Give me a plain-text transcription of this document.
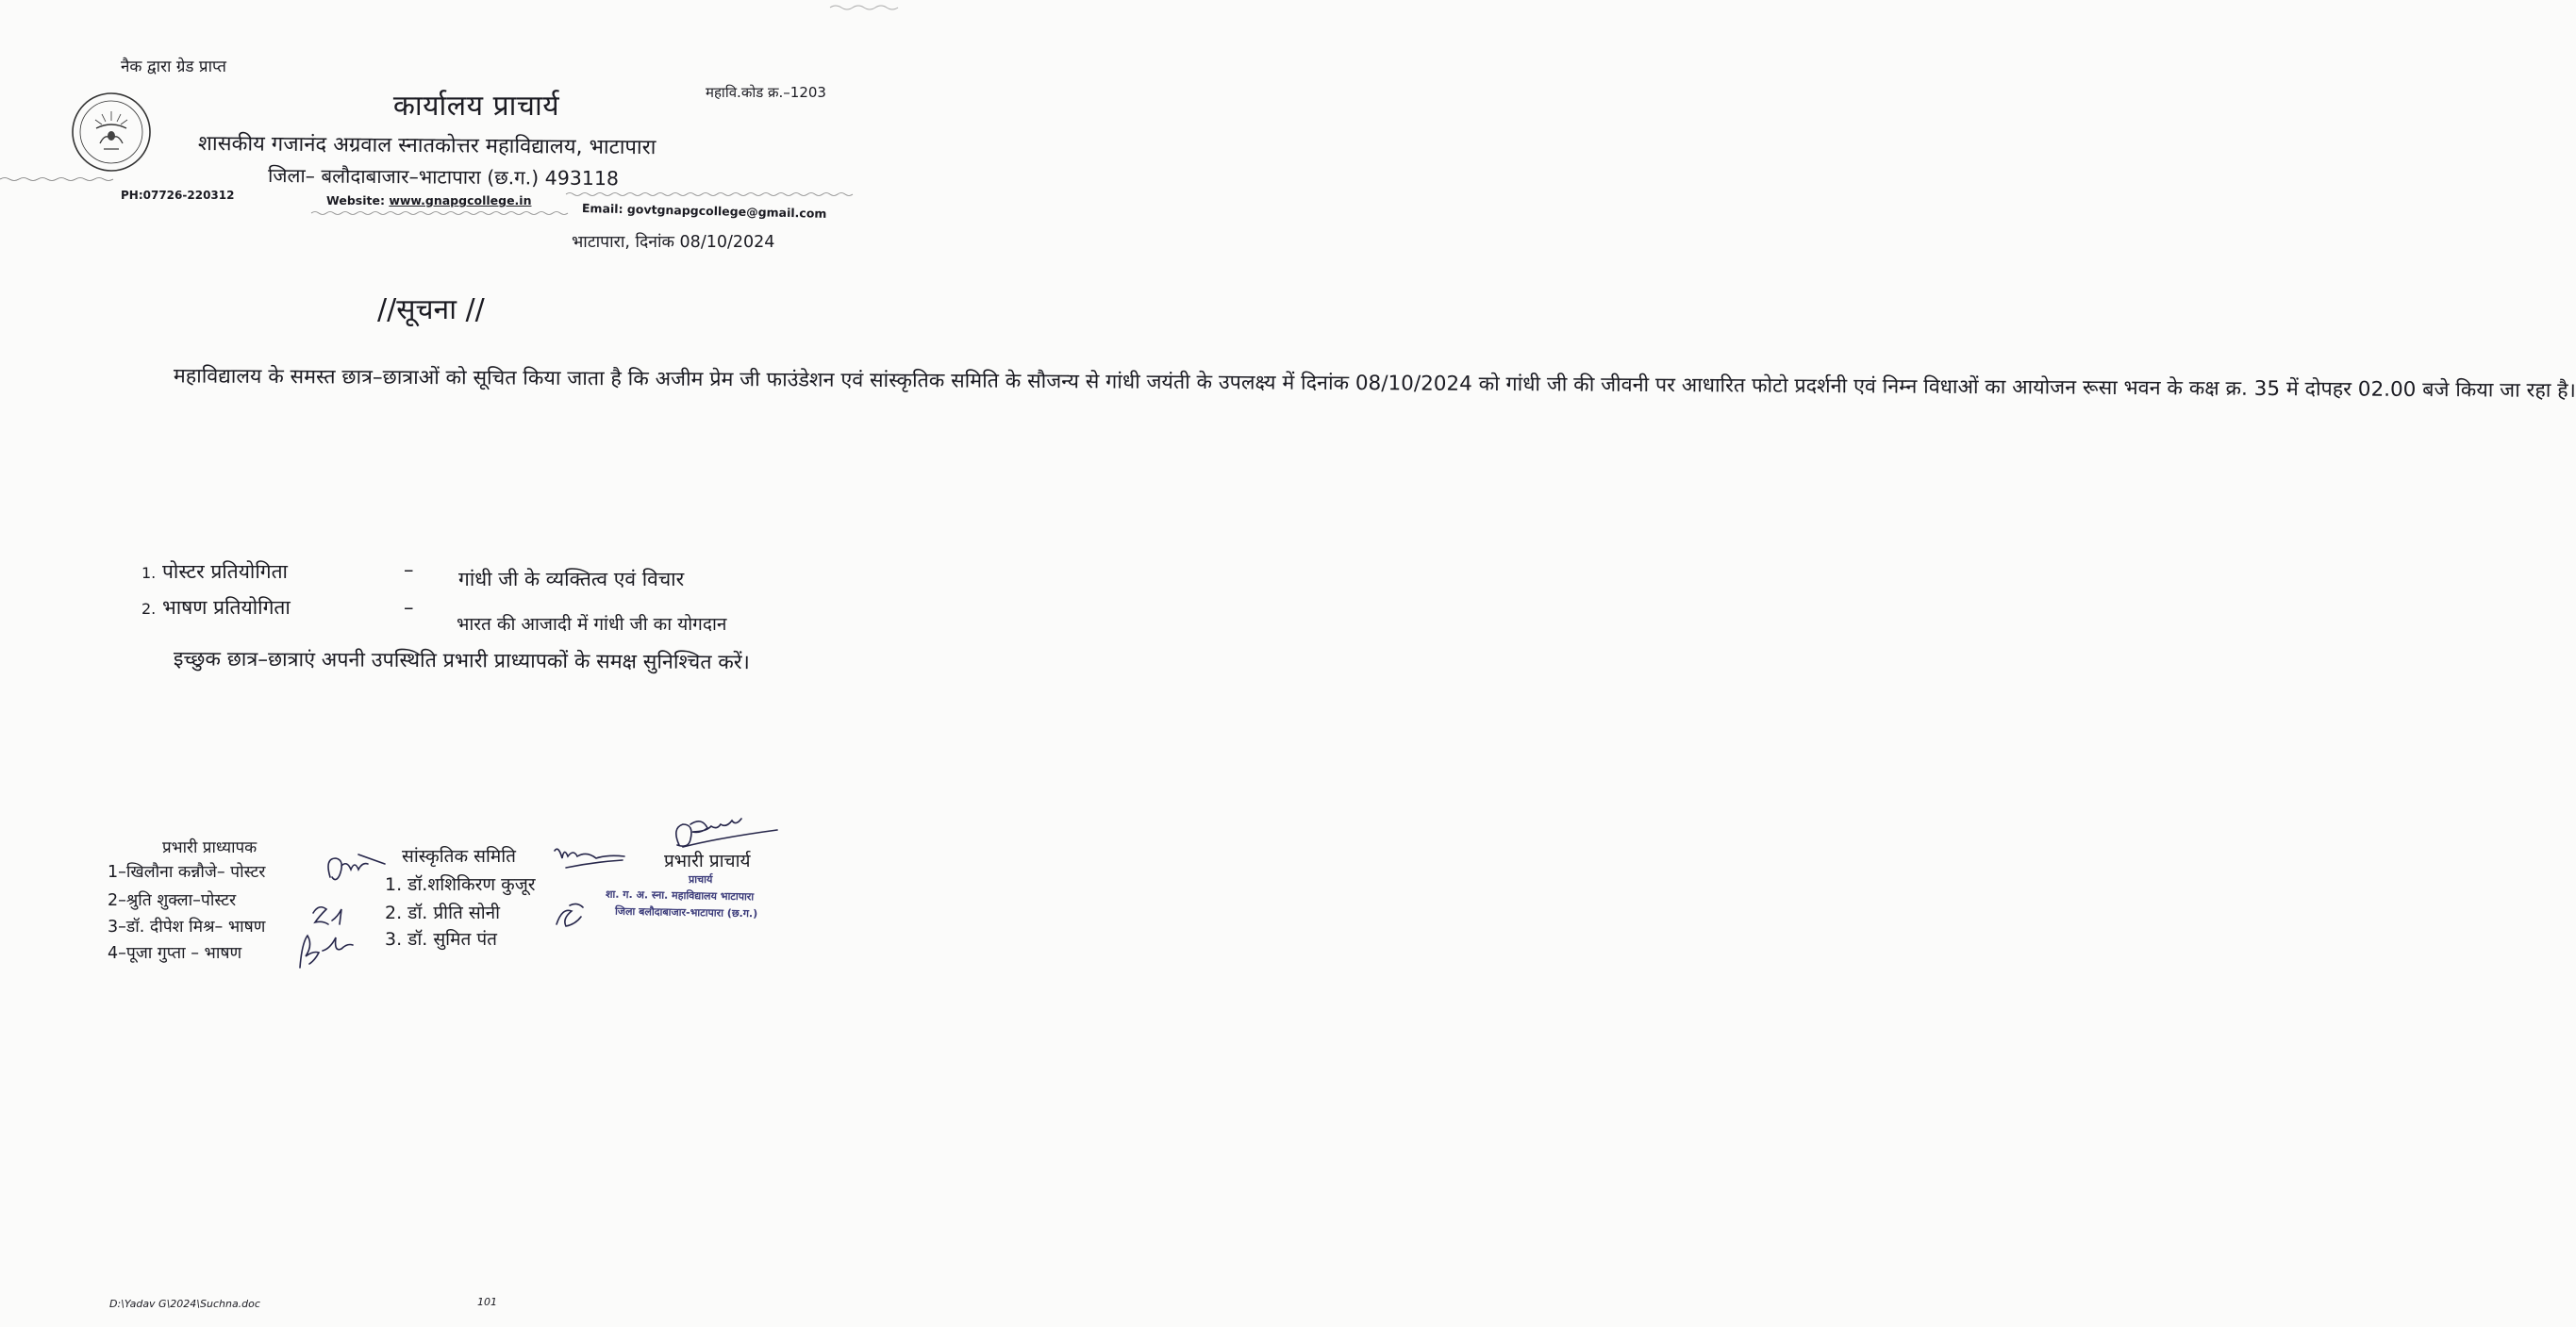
नैक द्वारा ग्रेड प्राप्त
महावि.कोड क्र.–1203
कार्यालय प्राचार्य
शासकीय गजानंद अग्रवाल स्नातकोत्तर महाविद्यालय, भाटापारा
जिला– बलौदाबाजार–भाटापारा (छ.ग.) 493118
PH:07726-220312	Website: www.gnapgcollege.in
Email: govtgnapgcollege@gmail.com
भाटापारा, दिनांक 08/10/2024
//सूचना //

महाविद्यालय के समस्त छात्र–छात्राओं को सूचित किया जाता है कि अजीम प्रेम जी फाउंडेशन एवं सांस्कृतिक समिति के सौजन्य से गांधी जयंती के उपलक्ष्य में दिनांक 08/10/2024 को गांधी जी की जीवनी पर आधारित फोटो प्रदर्शनी एवं निम्न विधाओं का आयोजन रूसा भवन के कक्ष क्र. 35 में दोपहर 02.00 बजे किया जा रहा है।

1. पोस्टर प्रतियोगिता	– गांधी जी के व्यक्तित्व एवं विचार
2. भाषण प्रतियोगिता	–
भारत की आजादी में गांधी जी का योगदान

इच्छुक छात्र–छात्राएं अपनी उपस्थिति प्रभारी प्राध्यापकों के समक्ष सुनिश्चित करें।

प्रभारी प्राध्यापक
1–खिलौना कन्नौजे– पोस्टर
2–श्रुति शुक्ला–पोस्टर
3–डॉ. दीपेश मिश्र– भाषण
4–पूजा गुप्ता – भाषण
सांस्कृतिक समिति
1. डॉ.शशिकिरण कुजूर
2. डॉ. प्रीति सोनी
3. डॉ. सुमित पंत
प्रभारी प्राचार्य
प्राचार्य
शा. ग. अ. स्ना. महाविद्यालय भाटापारा
जिला बलौदाबाजार-भाटापारा (छ.ग.)
D:\Yadav G\2024\Suchna.doc	101
